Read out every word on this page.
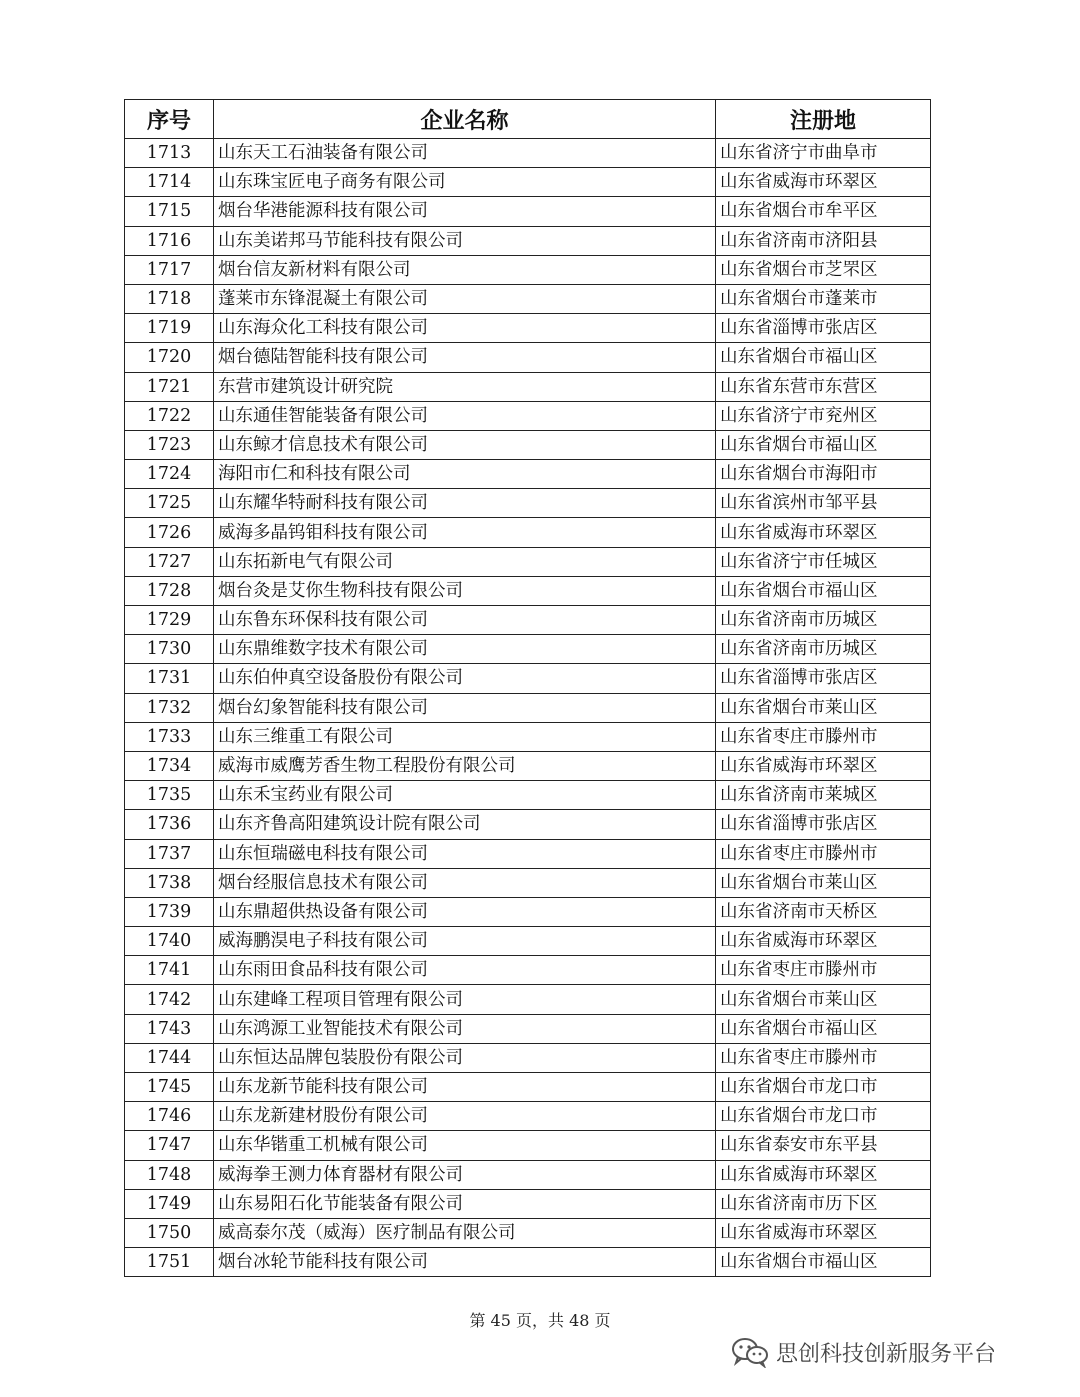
序号	企业名称	注册地
1713	山东天工石油装备有限公司	山东省济宁市曲阜市
1714	山东珠宝匠电子商务有限公司	山东省威海市环翠区
1715	烟台华港能源科技有限公司	山东省烟台市牟平区
1716	山东美诺邦马节能科技有限公司	山东省济南市济阳县
1717	烟台信友新材料有限公司	山东省烟台市芝罘区
1718	蓬莱市东锋混凝土有限公司	山东省烟台市蓬莱市
1719	山东海众化工科技有限公司	山东省淄博市张店区
1720	烟台德陆智能科技有限公司	山东省烟台市福山区
1721	东营市建筑设计研究院	山东省东营市东营区
1722	山东通佳智能装备有限公司	山东省济宁市兖州区
1723	山东鲸才信息技术有限公司	山东省烟台市福山区
1724	海阳市仁和科技有限公司	山东省烟台市海阳市
1725	山东耀华特耐科技有限公司	山东省滨州市邹平县
1726	威海多晶钨钼科技有限公司	山东省威海市环翠区
1727	山东拓新电气有限公司	山东省济宁市任城区
1728	烟台灸是艾你生物科技有限公司	山东省烟台市福山区
1729	山东鲁东环保科技有限公司	山东省济南市历城区
1730	山东鼎维数字技术有限公司	山东省济南市历城区
1731	山东伯仲真空设备股份有限公司	山东省淄博市张店区
1732	烟台幻象智能科技有限公司	山东省烟台市莱山区
1733	山东三维重工有限公司	山东省枣庄市滕州市
1734	威海市威鹰芳香生物工程股份有限公司	山东省威海市环翠区
1735	山东禾宝药业有限公司	山东省济南市莱城区
1736	山东齐鲁高阳建筑设计院有限公司	山东省淄博市张店区
1737	山东恒瑞磁电科技有限公司	山东省枣庄市滕州市
1738	烟台经服信息技术有限公司	山东省烟台市莱山区
1739	山东鼎超供热设备有限公司	山东省济南市天桥区
1740	威海鹏淏电子科技有限公司	山东省威海市环翠区
1741	山东雨田食品科技有限公司	山东省枣庄市滕州市
1742	山东建峰工程项目管理有限公司	山东省烟台市莱山区
1743	山东鸿源工业智能技术有限公司	山东省烟台市福山区
1744	山东恒达品牌包装股份有限公司	山东省枣庄市滕州市
1745	山东龙新节能科技有限公司	山东省烟台市龙口市
1746	山东龙新建材股份有限公司	山东省烟台市龙口市
1747	山东华锴重工机械有限公司	山东省泰安市东平县
1748	威海拳王测力体育器材有限公司	山东省威海市环翠区
1749	山东易阳石化节能装备有限公司	山东省济南市历下区
1750	威高泰尔茂（威海）医疗制品有限公司	山东省威海市环翠区
1751	烟台冰轮节能科技有限公司	山东省烟台市福山区
第 45 页，共 48 页
思创科技创新服务平台
